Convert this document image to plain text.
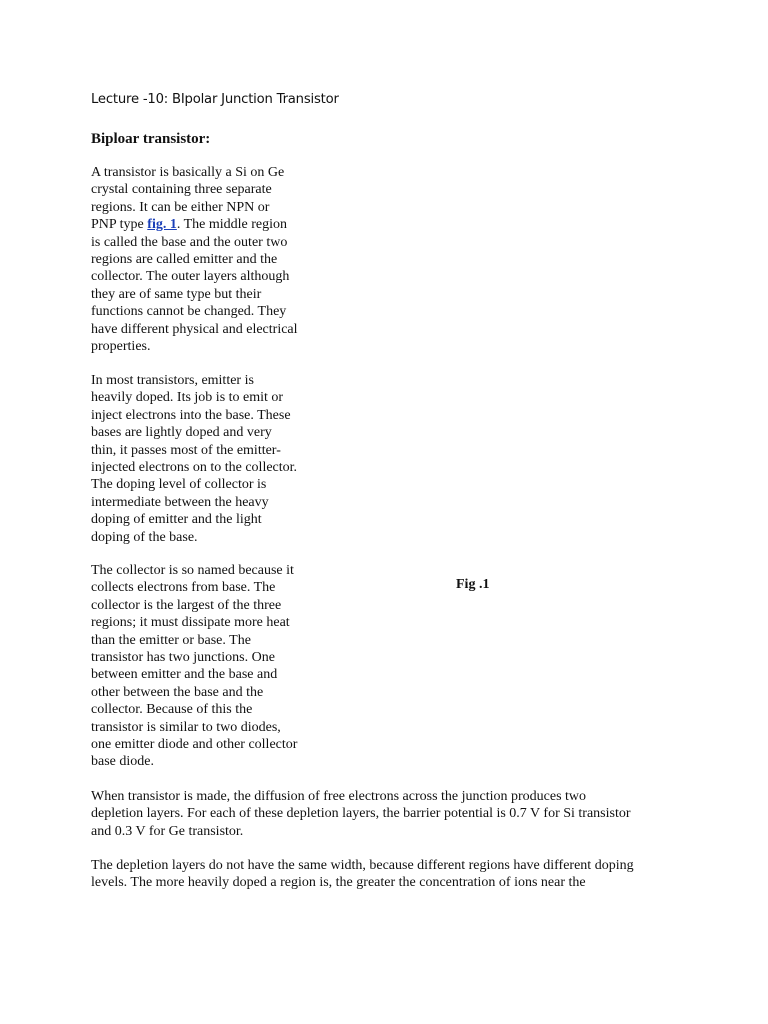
Lecture -10: BIpolar Junction Transistor
Biploar transistor:

A transistor is basically a Si on Ge
crystal containing three separate
regions. It can be either NPN or
PNP type fig. 1. The middle region
is called the base and the outer two
regions are called emitter and the
collector. The outer layers although
they are of same type but their
functions cannot be changed. They
have different physical and electrical
properties.

In most transistors, emitter is
heavily doped. Its job is to emit or
inject electrons into the base. These
bases are lightly doped and very
thin, it passes most of the emitter-
injected electrons on to the collector.
The doping level of collector is
intermediate between the heavy
doping of emitter and the light
doping of the base.

The collector is so named because it
collects electrons from base. The
collector is the largest of the three
regions; it must dissipate more heat
than the emitter or base. The
transistor has two junctions. One
between emitter and the base and
other between the base and the
collector. Because of this the
transistor is similar to two diodes,
one emitter diode and other collector
base diode.

Fig .1

When transistor is made, the diffusion of free electrons across the junction produces two
depletion layers. For each of these depletion layers, the barrier potential is 0.7 V for Si transistor
and 0.3 V for Ge transistor.

The depletion layers do not have the same width, because different regions have different doping
levels. The more heavily doped a region is, the greater the concentration of ions near the
